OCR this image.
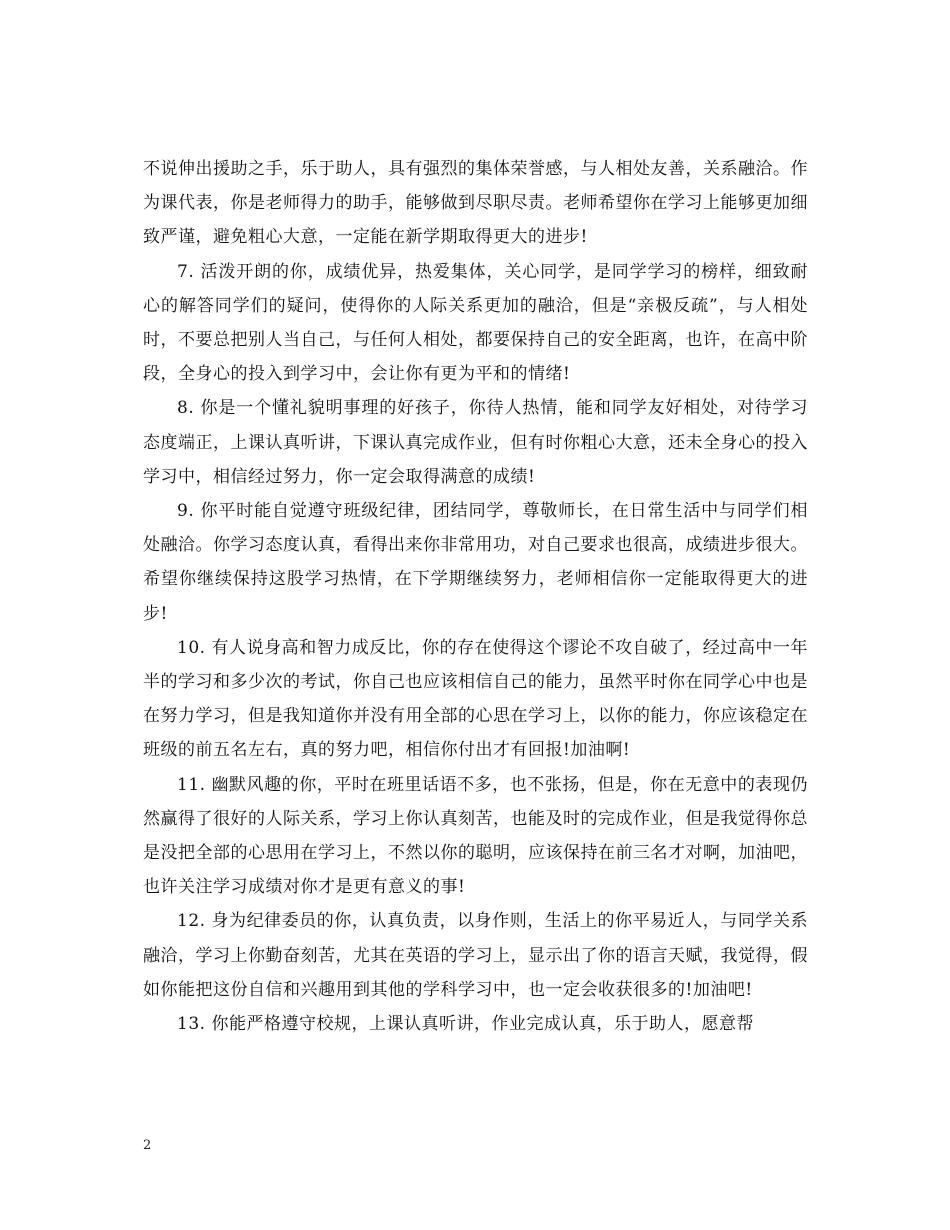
不说伸出援助之手，乐于助人，具有强烈的集体荣誉感，与人相处友善，关系融洽。作为课代表，你是老师得力的助手，能够做到尽职尽责。老师希望你在学习上能够更加细致严谨，避免粗心大意，一定能在新学期取得更大的进步!

7. 活泼开朗的你，成绩优异，热爱集体，关心同学，是同学学习的榜样，细致耐心的解答同学们的疑问，使得你的人际关系更加的融洽，但是“亲极反疏”，与人相处时，不要总把别人当自己，与任何人相处，都要保持自己的安全距离，也许，在高中阶段，全身心的投入到学习中，会让你有更为平和的情绪!

8. 你是一个懂礼貌明事理的好孩子，你待人热情，能和同学友好相处，对待学习态度端正，上课认真听讲，下课认真完成作业，但有时你粗心大意，还未全身心的投入学习中，相信经过努力，你一定会取得满意的成绩!

9. 你平时能自觉遵守班级纪律，团结同学，尊敬师长，在日常生活中与同学们相处融洽。你学习态度认真，看得出来你非常用功，对自己要求也很高，成绩进步很大。希望你继续保持这股学习热情，在下学期继续努力，老师相信你一定能取得更大的进步!

10. 有人说身高和智力成反比，你的存在使得这个谬论不攻自破了，经过高中一年半的学习和多少次的考试，你自己也应该相信自己的能力，虽然平时你在同学心中也是在努力学习，但是我知道你并没有用全部的心思在学习上，以你的能力，你应该稳定在班级的前五名左右，真的努力吧，相信你付出才有回报!加油啊!

11. 幽默风趣的你，平时在班里话语不多，也不张扬，但是，你在无意中的表现仍然赢得了很好的人际关系，学习上你认真刻苦，也能及时的完成作业，但是我觉得你总是没把全部的心思用在学习上，不然以你的聪明，应该保持在前三名才对啊，加油吧，也许关注学习成绩对你才是更有意义的事!

12. 身为纪律委员的你，认真负责，以身作则，生活上的你平易近人，与同学关系融洽，学习上你勤奋刻苦，尤其在英语的学习上，显示出了你的语言天赋，我觉得，假如你能把这份自信和兴趣用到其他的学科学习中，也一定会收获很多的!加油吧!

13. 你能严格遵守校规，上课认真听讲，作业完成认真，乐于助人，愿意帮

2
